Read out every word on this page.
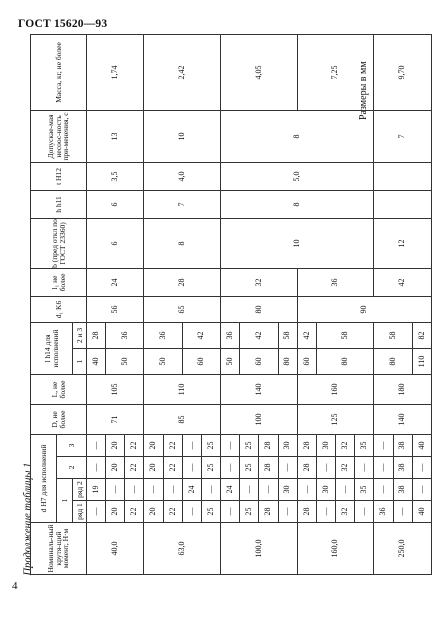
ГОСТ 15620—93
Размеры в мм
Продолжение таблицы 1
4
Номиналь-ный крутя-щий момент, Н·м	d H7 для исполнений				D, не более	L, не более	l h14 для исполнений		d₁ K6	l₁ не более	b (пред откл по ГОСТ 23360)	h h11	t H12	Допускае-мая несоос-ность при-менения, с	Масса, кг, не более
	1		2	3											
	ряд 1	ряд 2					1	2 и 3							
40,0	—	19	—	—	71	105	40	28	56	24	6	6	3,5	13	1,74
	20	—	20	20			50	36							
	22	—	22	22											
63,0	20	—	20	20	85	110	50	36	65	28	8	7	4,0	10	2,42
	22	—	22	22											
	—	24	—	—			60	42							
	25	—	25	25											
100,0	—	24	—	—	100	140	50	36	80	32	10	8	5,0	8	4,05
	25	—	25	25			60	42							
	28	—	28	28											
	—	30	—	30			80	58							
160,0	28	—	28	28	125	160	60	42	90	36					7,25
	—	30	—	30			80	58							
	32	—	32	32											
	—	35	—	35											
250,0	36	—	—	—	140	180	80	58		42	12			7	9,70
	—	38	38	38											
	40	—	—	40			110	82							
